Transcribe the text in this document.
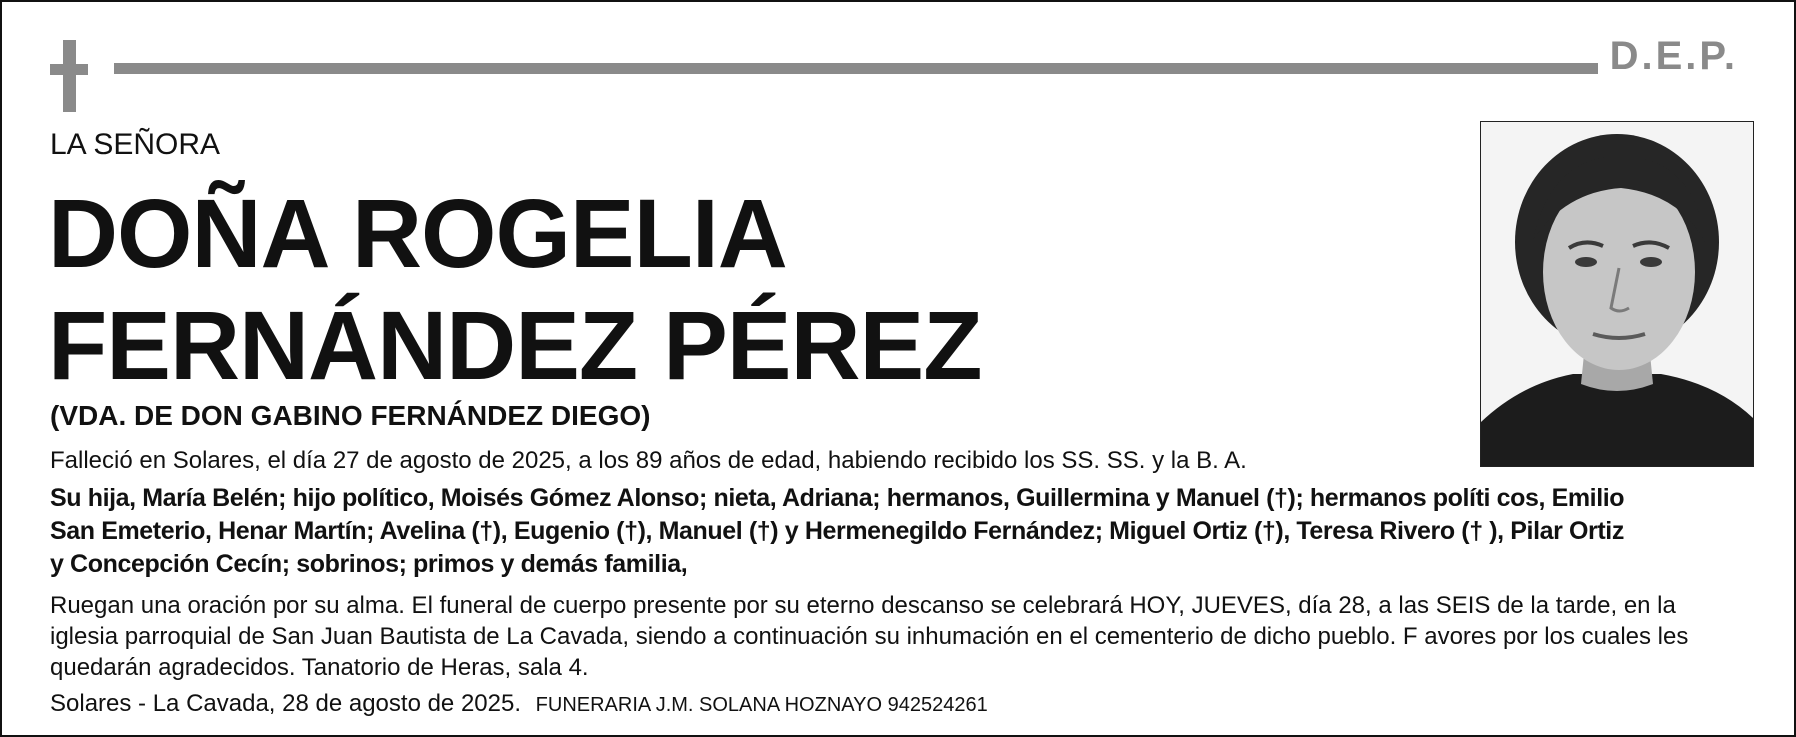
D.E.P.
LA SEÑORA
DOÑA ROGELIA
FERNÁNDEZ PÉREZ
(VDA. DE DON GABINO FERNÁNDEZ DIEGO)
Falleció en Solares, el día 27 de agosto de 2025, a los 89 años de edad, habiendo recibido los SS. SS. y la B. A.
Su hija, María Belén; hijo político, Moisés Gómez Alonso; nieta, Adriana; hermanos, Guillermina y Manuel (†); hermanos políti cos, Emilio
San Emeterio, Henar Martín; Avelina (†), Eugenio (†), Manuel (†) y Hermenegildo Fernández; Miguel Ortiz (†), Teresa Rivero († ), Pilar Ortiz
y Concepción Cecín; sobrinos; primos y demás familia,
Ruegan una oración por su alma. El funeral de cuerpo presente por su eterno descanso se celebrará HOY, JUEVES, día 28, a las SEIS de la tarde, en la
iglesia parroquial de San Juan Bautista de La Cavada, siendo a continuación su inhumación en el cementerio de dicho pueblo. F avores por los cuales les
quedarán agradecidos. Tanatorio de Heras, sala 4.
Solares - La Cavada, 28 de agosto de 2025. FUNERARIA J.M. SOLANA HOZNAYO 942524261
